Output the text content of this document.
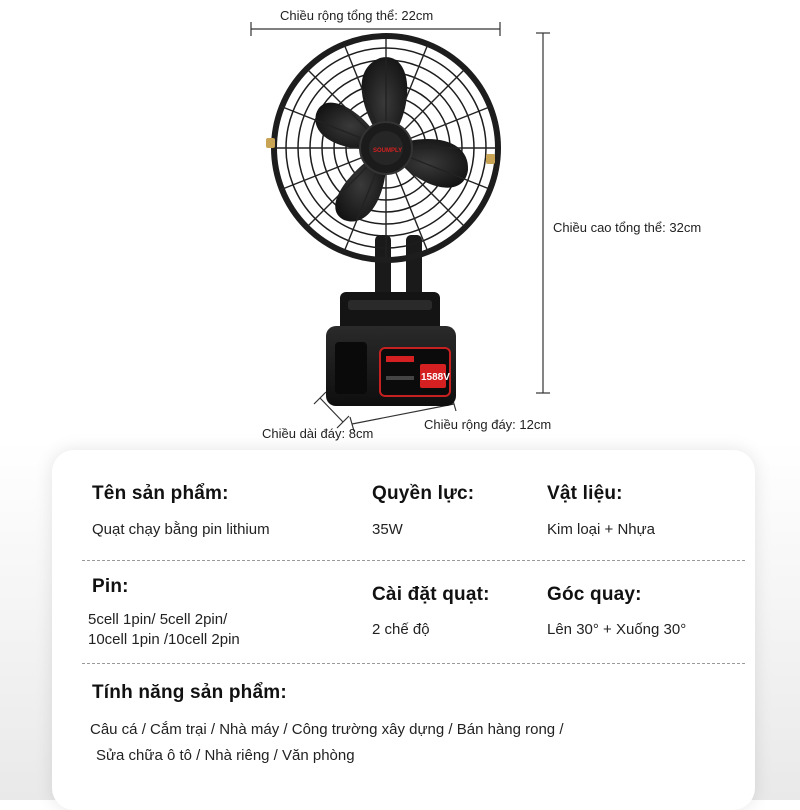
Chiều rộng tổng thể: 22cm
Chiều cao tổng thể: 32cm
Chiều dài đáy: 8cm
Chiều rộng đáy: 12cm
SOUMPLY
1588V
Tên sản phẩm:
Quạt chạy bằng pin lithium
Quyền lực:
35W
Vật liệu:
Kim loại + Nhựa
Pin:
5cell 1pin/ 5cell 2pin/
10cell 1pin /10cell 2pin
Cài đặt quạt:
2 chế độ
Góc quay:
Lên 30° + Xuống 30°
Tính năng sản phẩm:
Câu cá / Cắm trại / Nhà máy / Công trường xây dựng / Bán hàng rong /
Sửa chữa ô tô / Nhà riêng / Văn phòng
